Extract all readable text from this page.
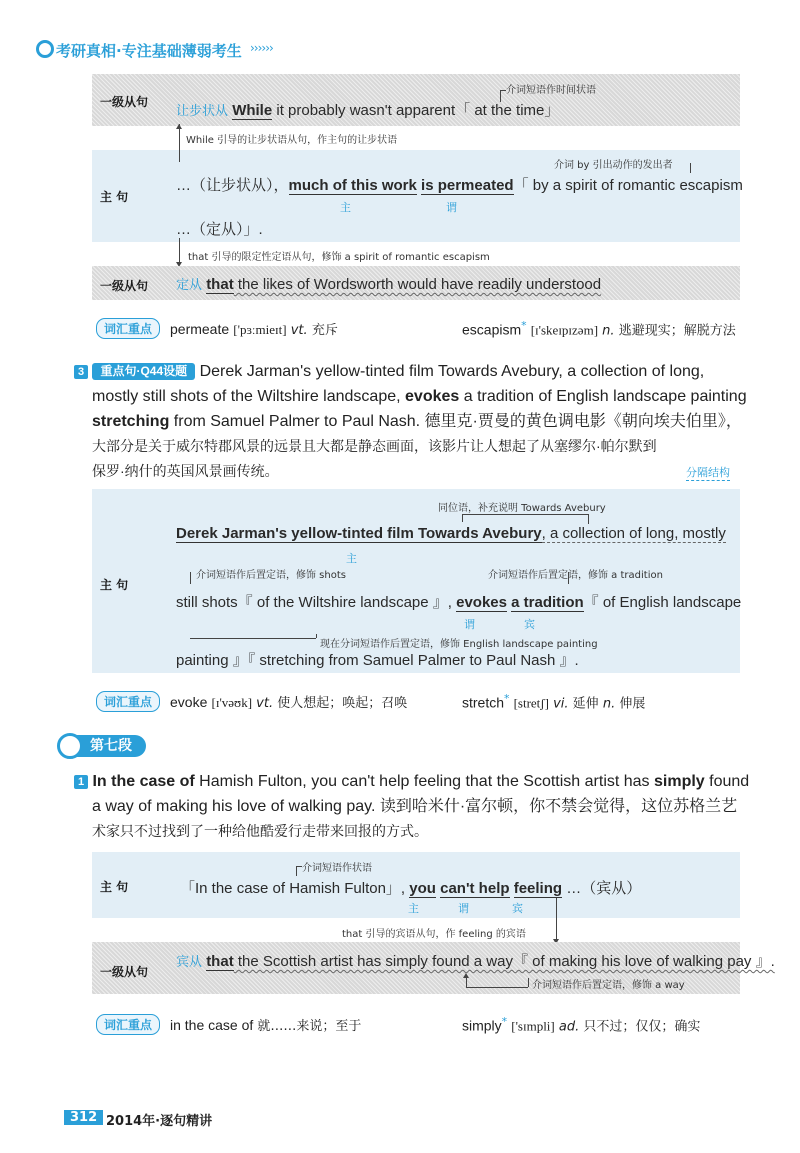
考研真相·专注基础薄弱考生 ››››››
一级从句
让步状从 While it probably wasn't apparent「 at the time」
介词短语作时间状语
While 引导的让步状语从句，作主句的让步状语
主 句
介词 by 引出动作的发出者
…（让步状从），much of this work is permeated「 by a spirit of romantic escapism
主	谓
…（定从）」.
that 引导的限定性定语从句，修饰 a spirit of romantic escapism
一级从句 定从 that the likes of Wordsworth would have readily understood
词汇重点	permeate ['pɜːmieɪt] vt. 充斥	escapism* [ɪ'skeɪpɪzəm] n. 逃避现实；解脱方法
3 重点句·Q44设题 Derek Jarman's yellow-tinted film Towards Avebury, a collection of long,
mostly still shots of the Wiltshire landscape, evokes a tradition of English landscape painting
stretching from Samuel Palmer to Paul Nash. 德里克·贾曼的黄色调电影《朝向埃夫伯里》，
大部分是关于威尔特郡风景的远景且大都是静态画面，该影片让人想起了从塞缪尔·帕尔默到
保罗·纳什的英国风景画传统。	分隔结构
同位语，补充说明 Towards Avebury
Derek Jarman's yellow-tinted film Towards Avebury, a collection of long, mostly
主
主 句
介词短语作后置定语，修饰 shots	介词短语作后置定语，修饰 a tradition
still shots『 of the Wiltshire landscape 』, evokes a tradition『 of English landscape
谓	宾
现在分词短语作后置定语，修饰 English landscape painting
painting 』『 stretching from Samuel Palmer to Paul Nash 』.
词汇重点	evoke [ɪ'vəʊk] vt. 使人想起；唤起；召唤	stretch* [stretʃ] vi. 延伸 n. 伸展
第七段
1 In the case of Hamish Fulton, you can't help feeling that the Scottish artist has simply found
a way of making his love of walking pay. 读到哈米什·富尔顿，你不禁会觉得，这位苏格兰艺
术家只不过找到了一种给他酷爱行走带来回报的方式。
主 句
介词短语作状语
「In the case of Hamish Fulton」, you can't help feeling …（宾从）
主	谓	宾
that 引导的宾语从句，作 feeling 的宾语
一级从句
宾从 that the Scottish artist has simply found a way『 of making his love of walking pay 』.
介词短语作后置定语，修饰 a way
词汇重点	in the case of 就……来说；至于	simply* ['sɪmpli] ad. 只不过；仅仅；确实
312 2014年·逐句精讲
